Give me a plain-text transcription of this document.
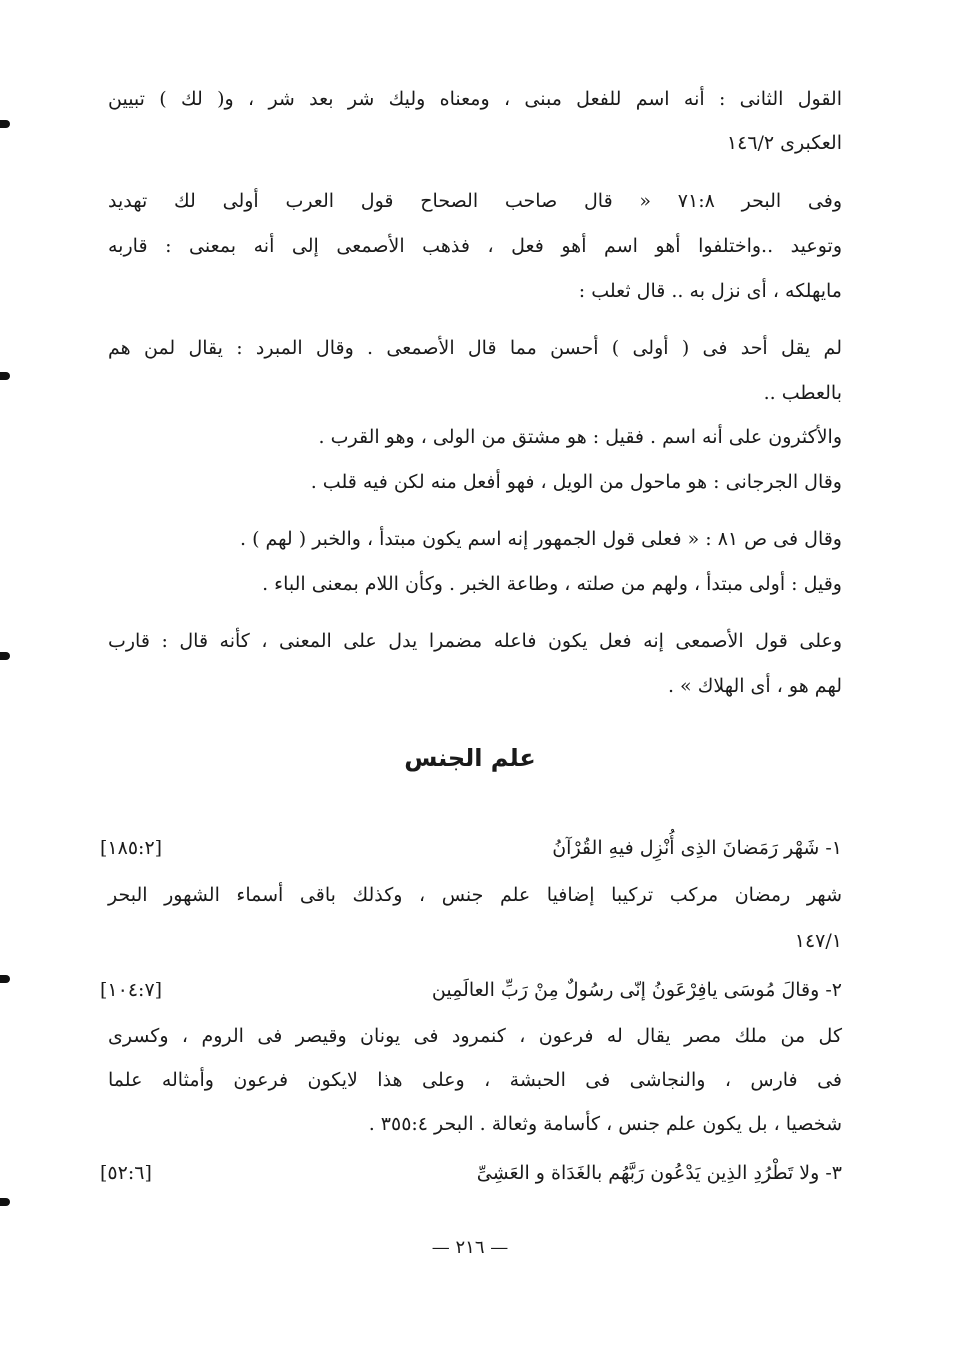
القول الثانى : أنه اسم للفعل مبنى ، ومعناه وليك شر بعد شر ، و( لك ) تبيين
العكبرى ١٤٦/٢
وفى البحر ٧١:٨ « قال صاحب الصحاح قول العرب أولى لك تهديد
وتوعيد ..واختلفوا أهو اسم أهو فعل ، فذهب الأصمعى إلى أنه بمعنى : قاربه
مايهلكه ، أى نزل به .. قال ثعلب :
لم يقل أحد فى ( أولى ) أحسن مما قال الأصمعى . وقال المبرد : يقال لمن هم
بالعطب ..
والأكثرون على أنه اسم . فقيل : هو مشتق من الولى ، وهو القرب .
وقال الجرجانى : هو ماحول من الويل ، فهو أفعل منه لكن فيه قلب .
وقال فى ص ٨١ : « فعلى قول الجمهور إنه اسم يكون مبتدأ ، والخبر ( لهم ) .
وقيل : أولى مبتدأ ، ولهم من صلته ، وطاعة الخبر . وكأن اللام بمعنى الباء .
وعلى قول الأصمعى إنه فعل يكون فاعله مضمرا يدل على المعنى ، كأنه قال : قارب
لهم هو ، أى الهلاك » .
علم الجنس
١- شَهْر رَمَضانَ الذِى أُنْزِل فيهِ القُرْآنُ
[١٨٥:٢]
شهر رمضان مركب تركيبا إضافيا علم جنس ، وكذلك باقى أسماء الشهور البحر
١٤٧/١
٢- وقالَ مُوسَى يافِرْعَونُ إنّى رسُولٌ مِنْ رَبِّ العالَمِين
[١٠٤:٧]
كل من ملك مصر يقال له فرعون ، كنمرود فى يونان وقيصر فى الروم ، وكسرى
فى فارس ، والنجاشى فى الحبشة ، وعلى هذا لايكون فرعون وأمثاله علما
شخصيا ، بل يكون علم جنس ، كأسامة وثعالة . البحر ٣٥٥:٤ .
٣- ولا تَطْرُدِ الذِين يَدْعُون رَبَّهُم بالغَدَاة و العَشِىِّ
[٥٢:٦]
— ٢١٦ —
